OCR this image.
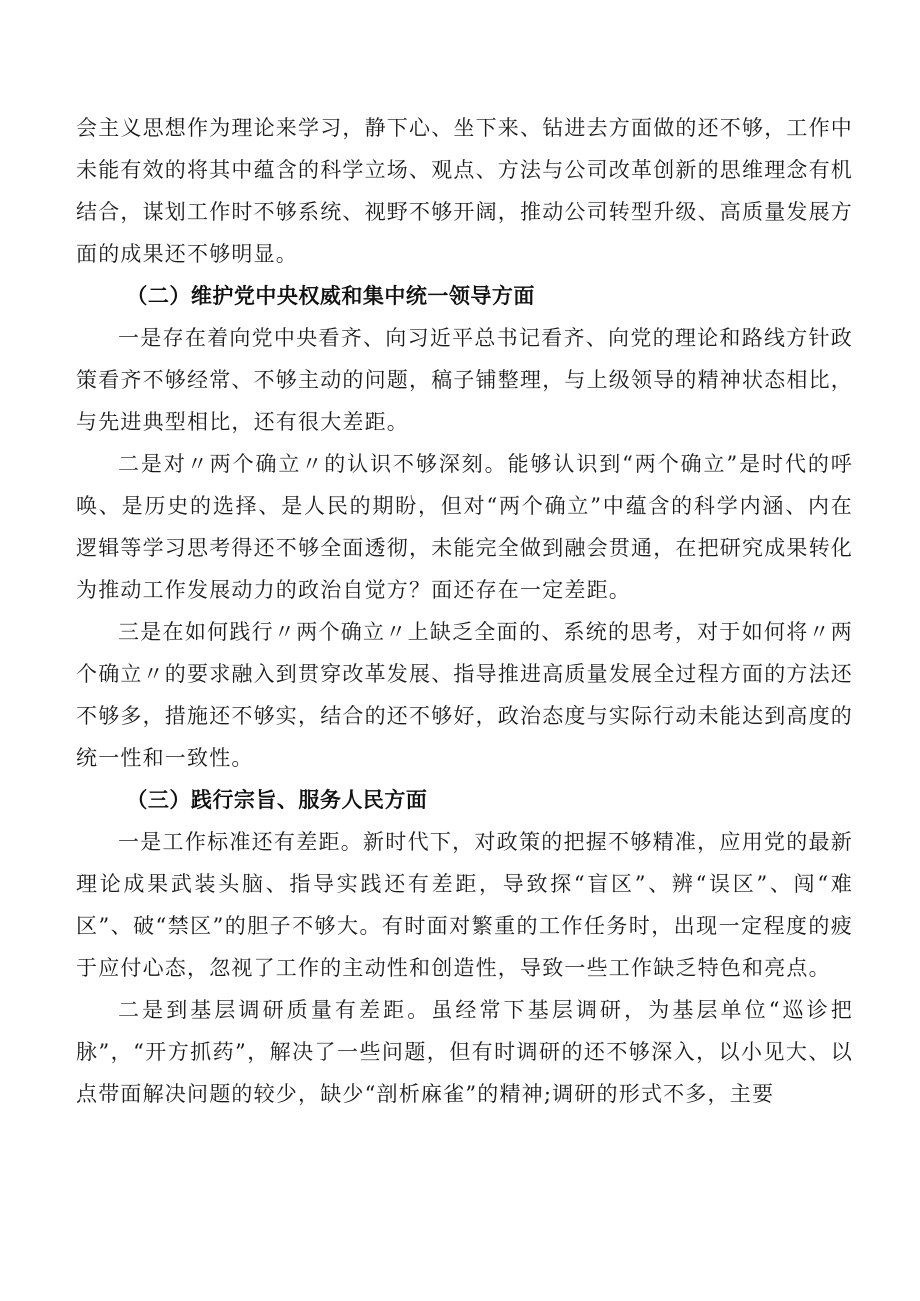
会主义思想作为理论来学习，静下心、坐下来、钻进去方面做的还不够，工作中未能有效的将其中蕴含的科学立场、观点、方法与公司改革创新的思维理念有机结合，谋划工作时不够系统、视野不够开阔，推动公司转型升级、高质量发展方面的成果还不够明显。

（二）维护党中央权威和集中统一领导方面

一是存在着向党中央看齐、向习近平总书记看齐、向党的理论和路线方针政策看齐不够经常、不够主动的问题，稿子铺整理，与上级领导的精神状态相比，与先进典型相比，还有很大差距。

二是对〃两个确立〃的认识不够深刻。能够认识到“两个确立”是时代的呼唤、是历史的选择、是人民的期盼，但对“两个确立”中蕴含的科学内涵、内在逻辑等学习思考得还不够全面透彻，未能完全做到融会贯通，在把研究成果转化为推动工作发展动力的政治自觉方？面还存在一定差距。

三是在如何践行〃两个确立〃上缺乏全面的、系统的思考，对于如何将〃两个确立〃的要求融入到贯穿改革发展、指导推进高质量发展全过程方面的方法还不够多，措施还不够实，结合的还不够好，政治态度与实际行动未能达到高度的统一性和一致性。

（三）践行宗旨、服务人民方面

一是工作标准还有差距。新时代下，对政策的把握不够精准，应用党的最新理论成果武装头脑、指导实践还有差距，导致探“盲区”、辨“误区”、闯“难区”、破“禁区”的胆子不够大。有时面对繁重的工作任务时，出现一定程度的疲于应付心态，忽视了工作的主动性和创造性，导致一些工作缺乏特色和亮点。

二是到基层调研质量有差距。虽经常下基层调研，为基层单位“巡诊把脉”，“开方抓药”，解决了一些问题，但有时调研的还不够深入，以小见大、以点带面解决问题的较少，缺少“剖析麻雀”的精神;调研的形式不多，主要
